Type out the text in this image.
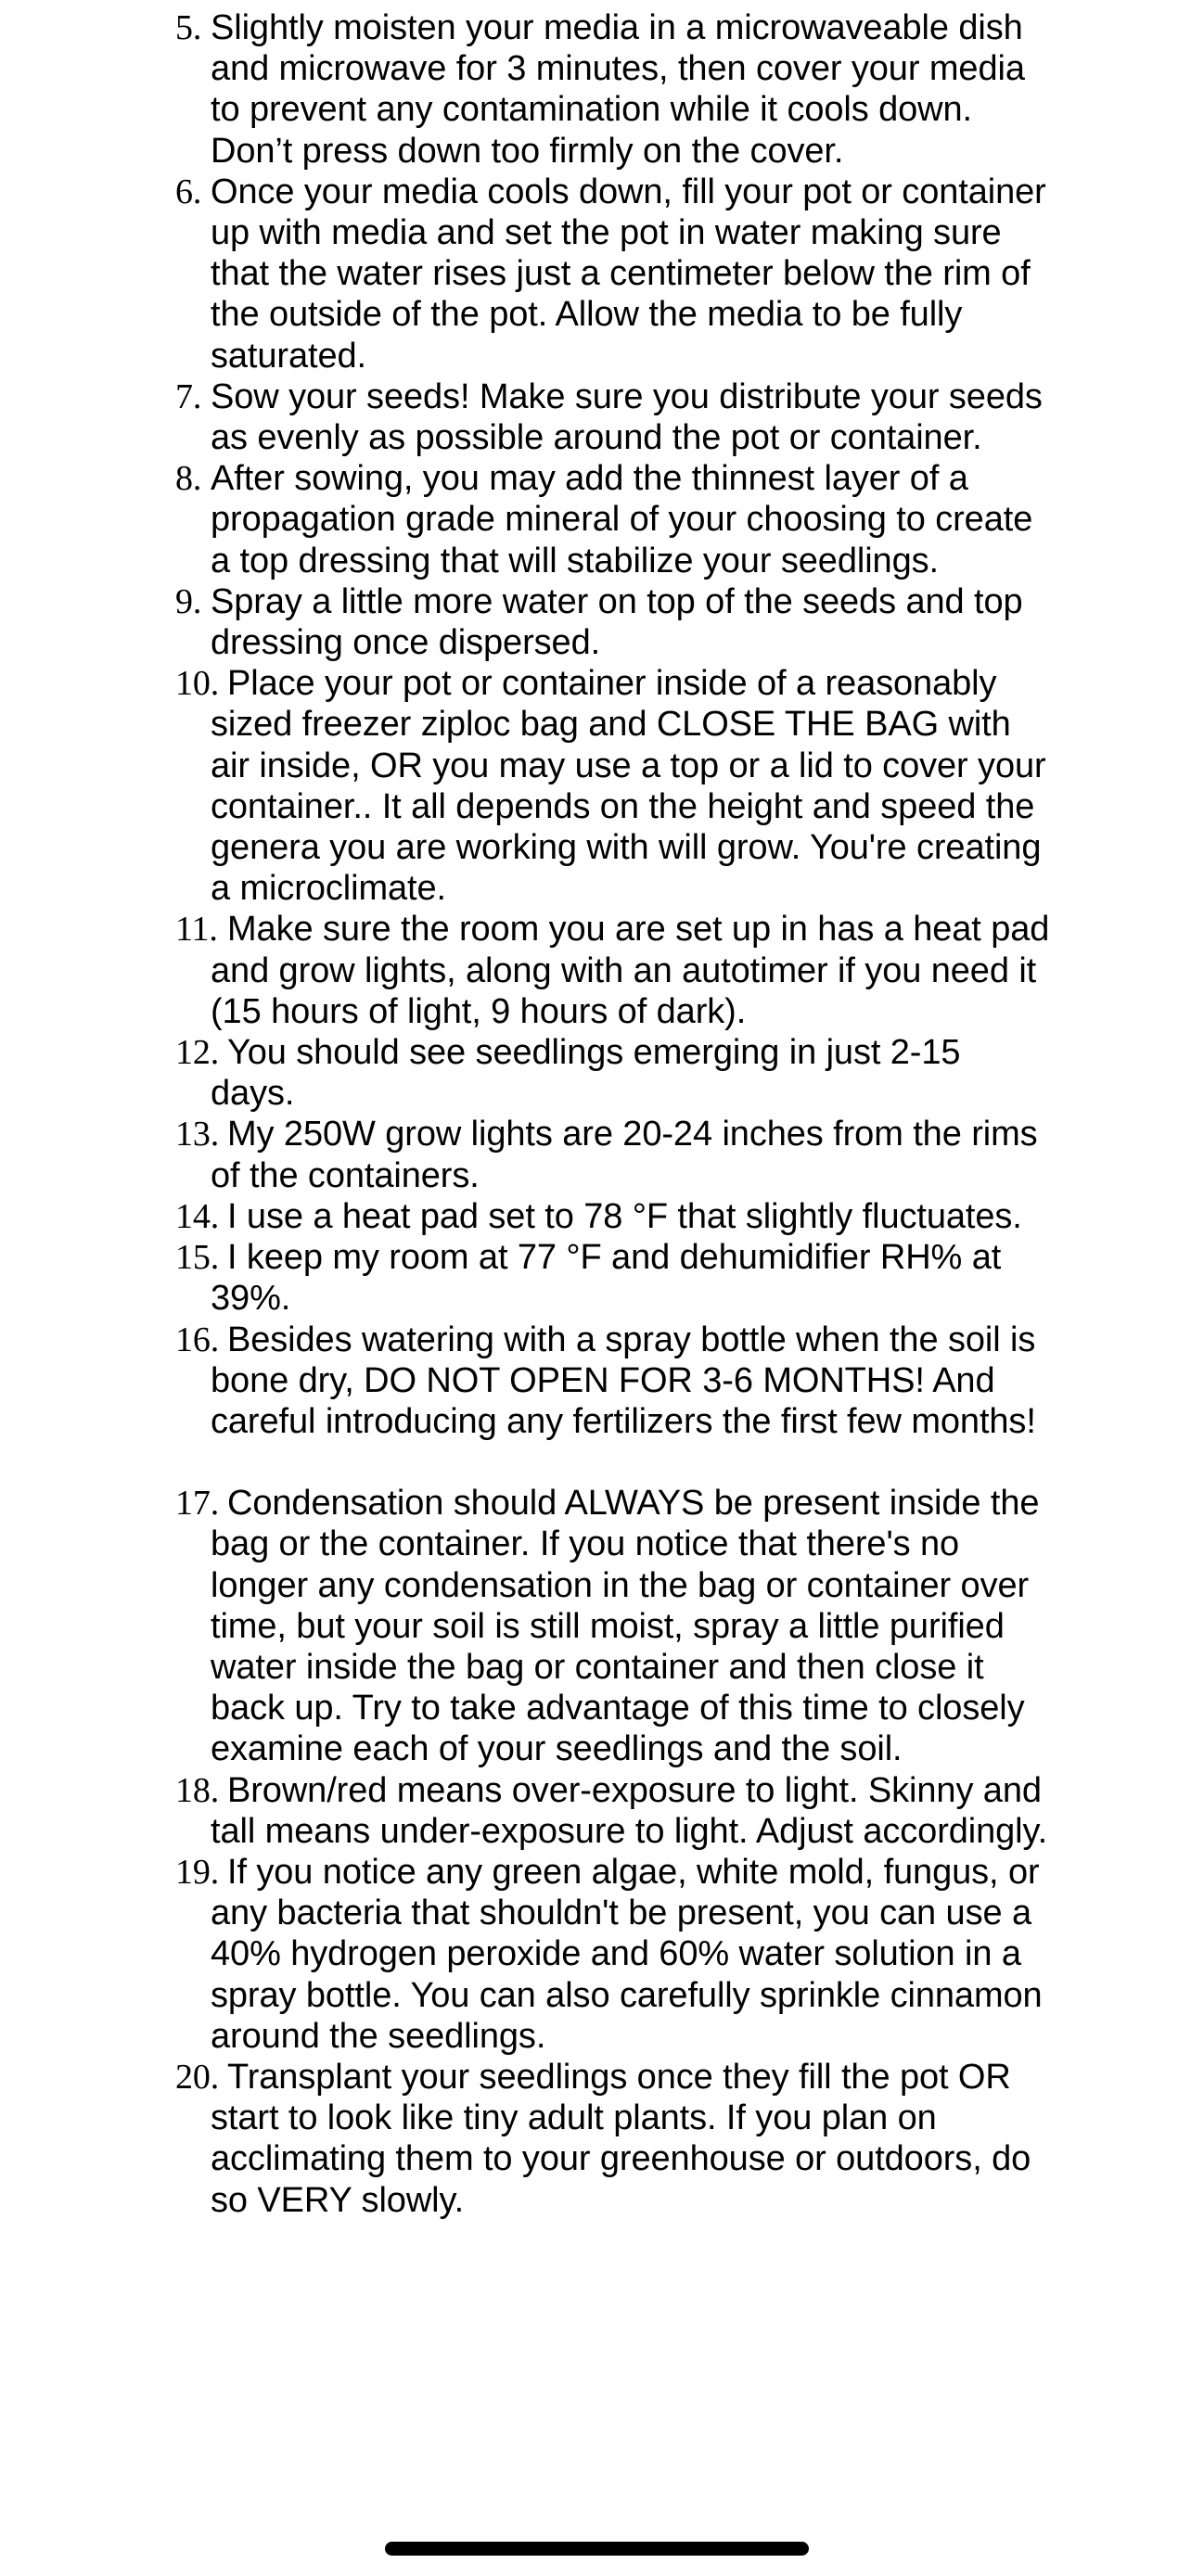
5. Slightly moisten your media in a microwaveable dish and microwave for 3 minutes, then cover your media to prevent any contamination while it cools down. Don’t press down too firmly on the cover.
6. Once your media cools down, fill your pot or container up with media and set the pot in water making sure that the water rises just a centimeter below the rim of the outside of the pot. Allow the media to be fully saturated.
7. Sow your seeds! Make sure you distribute your seeds as evenly as possible around the pot or container.
8. After sowing, you may add the thinnest layer of a propagation grade mineral of your choosing to create a top dressing that will stabilize your seedlings.
9. Spray a little more water on top of the seeds and top dressing once dispersed.
10. Place your pot or container inside of a reasonably sized freezer ziploc bag and CLOSE THE BAG with air inside, OR you may use a top or a lid to cover your container.. It all depends on the height and speed the genera you are working with will grow. You're creating a microclimate.
11. Make sure the room you are set up in has a heat pad and grow lights, along with an autotimer if you need it (15 hours of light, 9 hours of dark).
12. You should see seedlings emerging in just 2-15 days.
13. My 250W grow lights are 20-24 inches from the rims of the containers.
14. I use a heat pad set to 78 °F that slightly fluctuates.
15. I keep my room at 77 °F and dehumidifier RH% at 39%.
16. Besides watering with a spray bottle when the soil is bone dry, DO NOT OPEN FOR 3-6 MONTHS! And careful introducing any fertilizers the first few months!
17. Condensation should ALWAYS be present inside the bag or the container. If you notice that there's no longer any condensation in the bag or container over time, but your soil is still moist, spray a little purified water inside the bag or container and then close it back up. Try to take advantage of this time to closely examine each of your seedlings and the soil.
18. Brown/red means over-exposure to light. Skinny and tall means under-exposure to light. Adjust accordingly.
19. If you notice any green algae, white mold, fungus, or any bacteria that shouldn't be present, you can use a 40% hydrogen peroxide and 60% water solution in a spray bottle. You can also carefully sprinkle cinnamon around the seedlings.
20. Transplant your seedlings once they fill the pot OR start to look like tiny adult plants. If you plan on acclimating them to your greenhouse or outdoors, do so VERY slowly.
